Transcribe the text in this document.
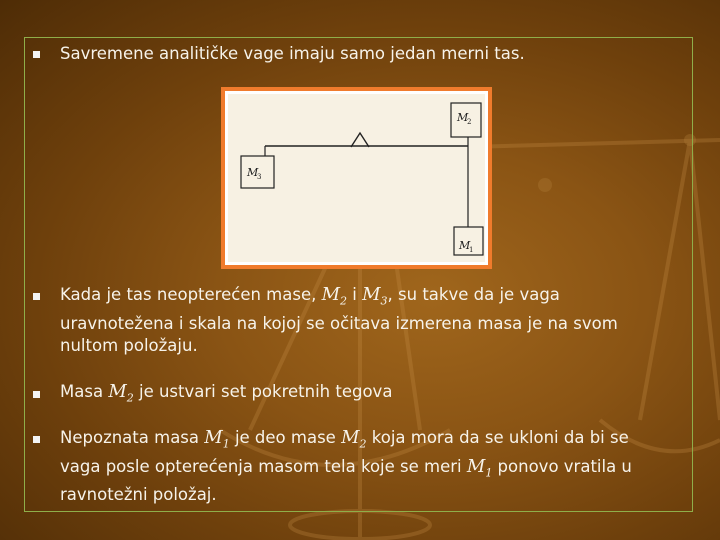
Savremene analitičke vage imaju samo jedan merni tas.
M
2
M
3
M
1
Kada je tas neopterećen mase, $M_2$ i $M_3$, su takve da je vaga uravnotežena i skala na kojoj se očitava izmerena masa je na svom nultom položaju.
Masa $M_2$ je ustvari set pokretnih tegova
Nepoznata masa $M_1$ je deo mase $M_2$ koja mora da se ukloni da bi se vaga posle opterećenja masom tela koje se meri $M_1$ ponovo vratila u ravnotežni položaj.
